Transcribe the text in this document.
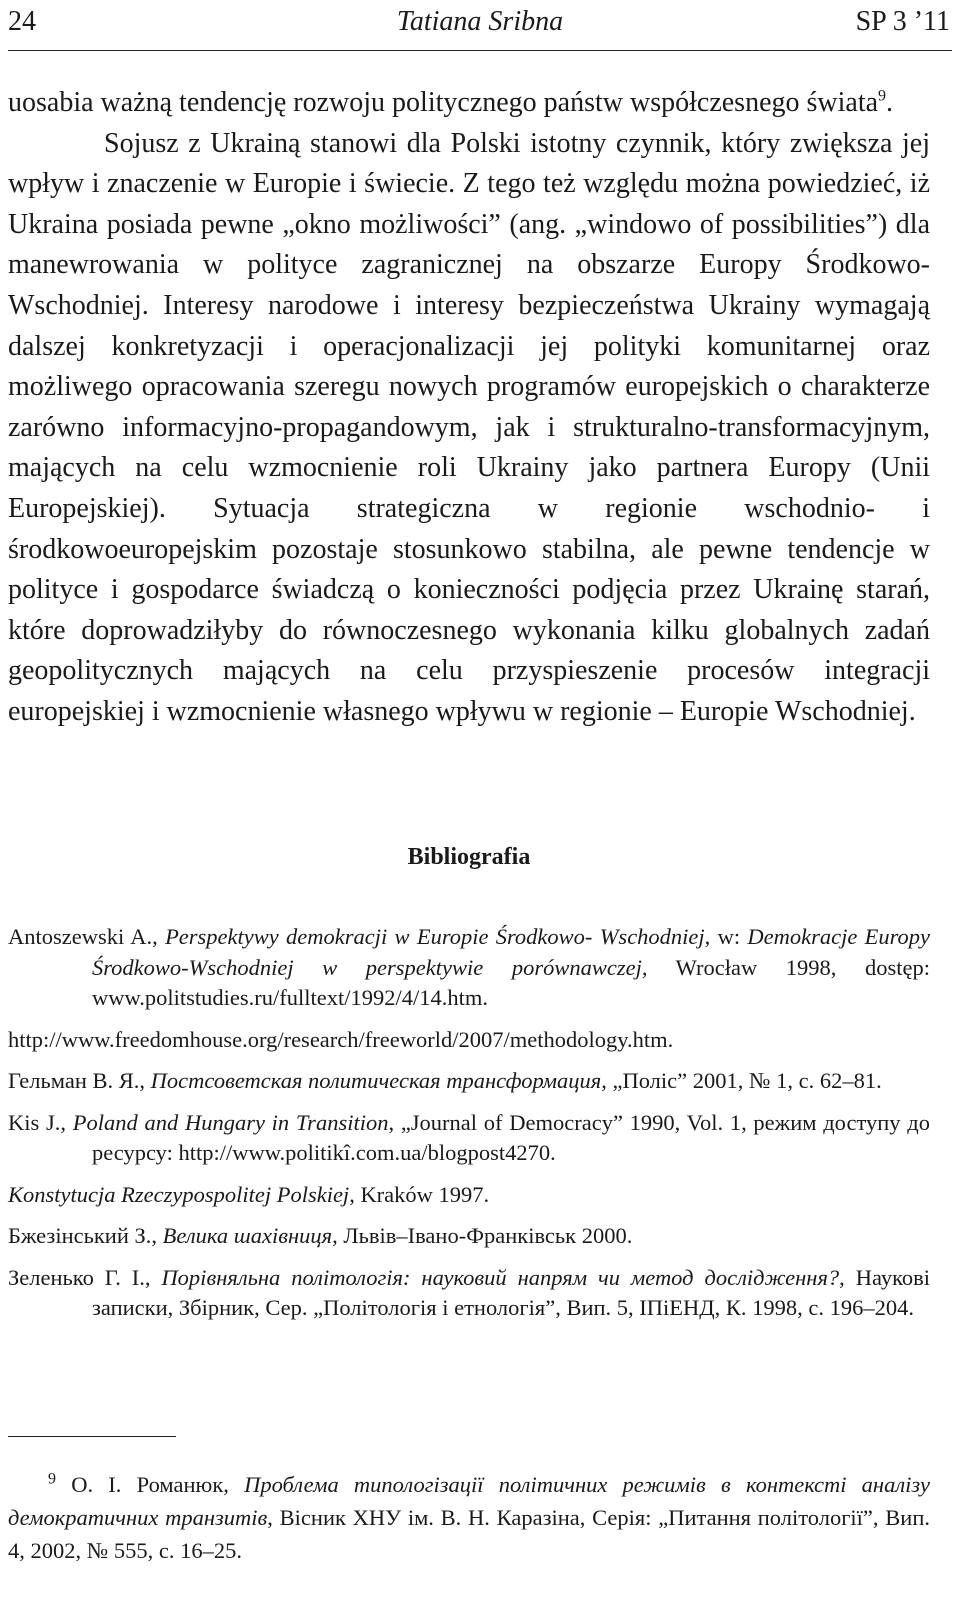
24	Tatiana Sribna	SP 3 ’11

uosabia ważną tendencję rozwoju politycznego państw współczesnego świata$^9$.

Sojusz z Ukrainą stanowi dla Polski istotny czynnik, który zwiększa jej wpływ i znaczenie w Europie i świecie. Z tego też względu można powiedzieć, iż Ukraina posiada pewne „okno możliwości” (ang. „windowo of possibilities”) dla manewrowania w polityce zagranicznej na obszarze Europy Środkowo-Wschodniej. Interesy narodowe i interesy bezpieczeństwa Ukrainy wymagają dalszej konkretyzacji i operacjonalizacji jej polityki komunitarnej oraz możliwego opracowania szeregu nowych programów europejskich o charakterze zarówno informacyjno-propagandowym, jak i strukturalno-transformacyjnym, mających na celu wzmocnienie roli Ukrainy jako partnera Europy (Unii Europejskiej). Sytuacja strategiczna w regionie wschodnio- i środkowoeuropejskim pozostaje stosunkowo stabilna, ale pewne tendencje w polityce i gospodarce świadczą o konieczności podjęcia przez Ukrainę starań, które doprowadziłyby do równoczesnego wykonania kilku globalnych zadań geopolitycznych mających na celu przyspieszenie procesów integracji europejskiej i wzmocnienie własnego wpływu w regionie – Europie Wschodniej.

Bibliografia

Antoszewski A., Perspektywy demokracji w Europie Środkowo- Wschodniej, w: Demokracje Europy Środkowo-Wschodniej w perspektywie porównawczej, Wrocław 1998, dostęp: www.politstudies.ru/fulltext/1992/4/14.htm.

http://www.freedomhouse.org/research/freeworld/2007/methodology.htm.

Гельман В. Я., Постсоветская политическая трансформация, „Поліс” 2001, № 1, с. 62–81.

Kis J., Poland and Hungary in Transition, „Journal of Democracy” 1990, Vol. 1, режим доступу до ресурсу: http://www.politikî.com.ua/blogpost4270.

Konstytucja Rzeczypospolitej Polskiej, Kraków 1997.

Бжезінський З., Велика шахівниця, Львів–Івано-Франківськ 2000.

Зеленько Г. І., Порівняльна політологія: науковий напрям чи метод дослідження?, Наукові записки, Збірник, Сер. „Політологія і етнологія”, Вип. 5, ІПіЕНД, К. 1998, с. 196–204.

$^9$ О. І. Романюк, Проблема типологізації політичних режимів в контексті аналізу демократичних транзитів, Вісник ХНУ ім. В. Н. Каразіна, Серія: „Питання політології”, Вип. 4, 2002, № 555, с. 16–25.
